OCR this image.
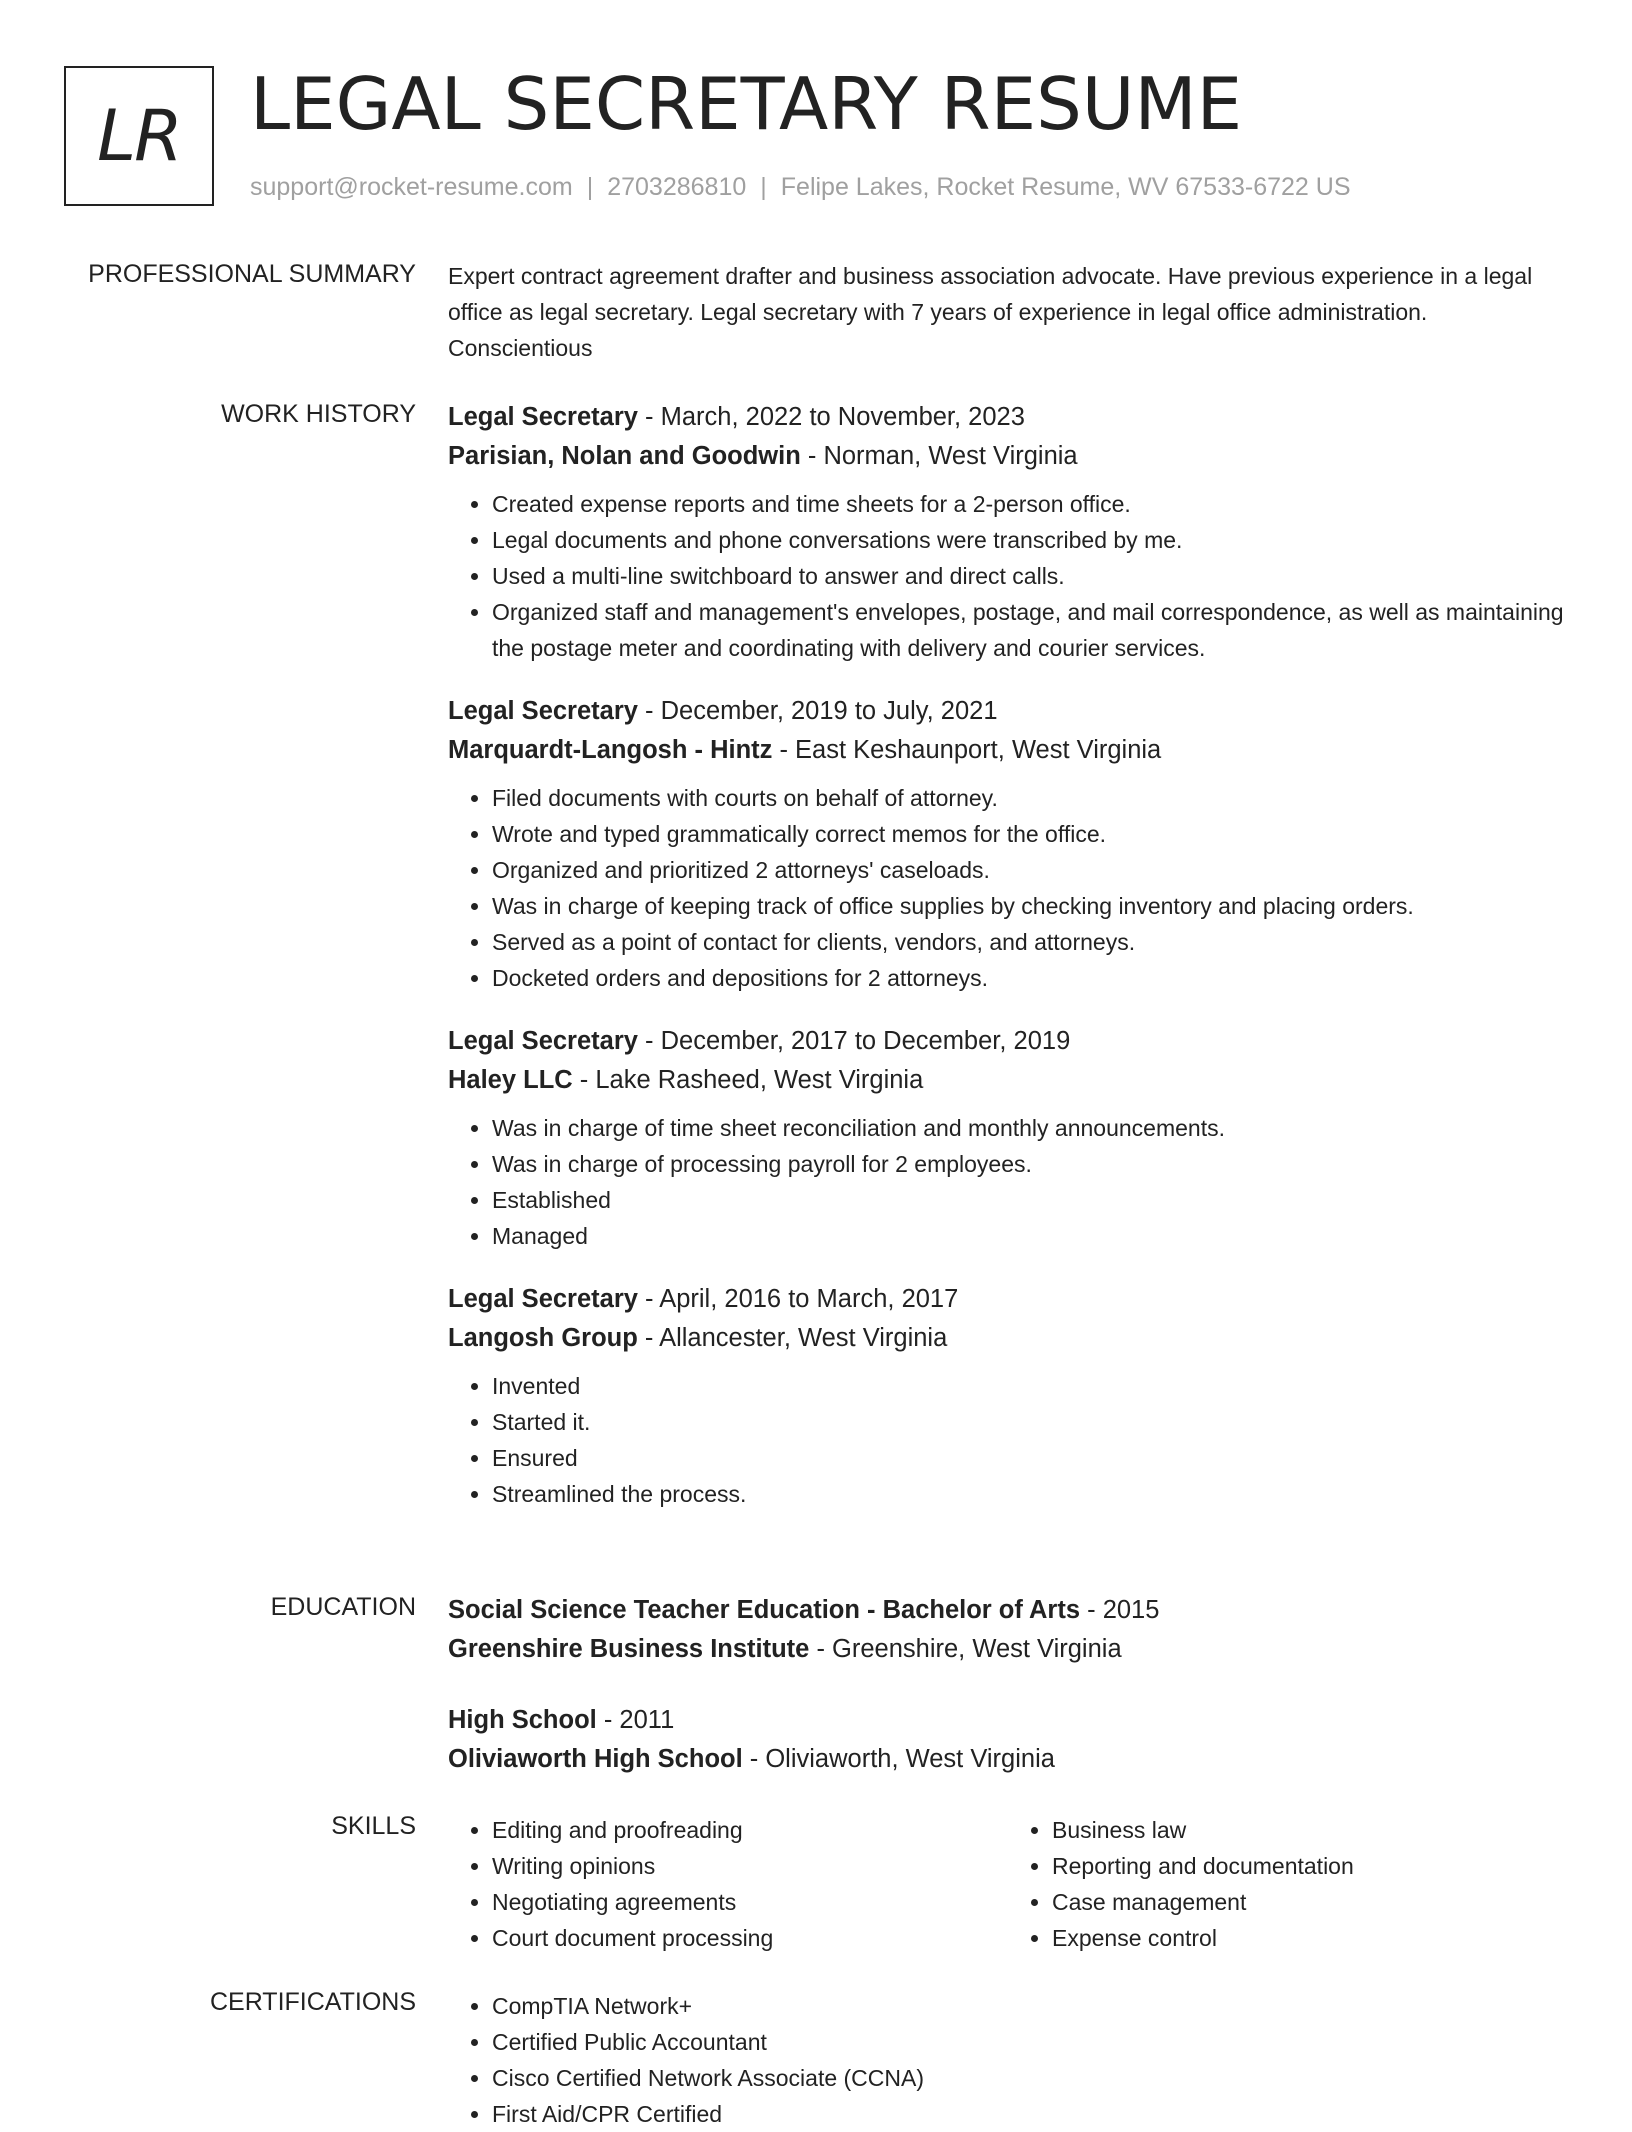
LR LEGAL SECRETARY RESUME
support@rocket-resume.com | 2703286810 | Felipe Lakes, Rocket Resume, WV 67533-6722 US
PROFESSIONAL SUMMARY Expert contract agreement drafter and business association advocate. Have previous experience in a legal office as legal secretary. Legal secretary with 7 years of experience in legal office administration. Conscientious

WORK HISTORY Legal Secretary - March, 2022 to November, 2023

Parisian, Nolan and Goodwin - Norman, West Virginia

• Created expense reports and time sheets for a 2-person office.
• Legal documents and phone conversations were transcribed by me.
• Used a multi-line switchboard to answer and direct calls.
• Organized staff and management's envelopes, postage, and mail correspondence, as well as maintaining the postage meter and coordinating with delivery and courier services.

Legal Secretary - December, 2019 to July, 2021

Marquardt-Langosh - Hintz - East Keshaunport, West Virginia

• Filed documents with courts on behalf of attorney.
• Wrote and typed grammatically correct memos for the office.
• Organized and prioritized 2 attorneys' caseloads.
• Was in charge of keeping track of office supplies by checking inventory and placing orders.
• Served as a point of contact for clients, vendors, and attorneys.
• Docketed orders and depositions for 2 attorneys.

Legal Secretary - December, 2017 to December, 2019

Haley LLC - Lake Rasheed, West Virginia

• Was in charge of time sheet reconciliation and monthly announcements.
• Was in charge of processing payroll for 2 employees.
• Established
• Managed

Legal Secretary - April, 2016 to March, 2017

Langosh Group - Allancester, West Virginia

• Invented
• Started it.
• Ensured
• Streamlined the process.
EDUCATION Social Science Teacher Education - Bachelor of Arts - 2015

Greenshire Business Institute - Greenshire, West Virginia

High School - 2011

Oliviaworth High School - Oliviaworth, West Virginia

SKILLS	• Editing and proofreading
• Writing opinions
• Negotiating agreements
• Court document processing
• Business law
• Reporting and documentation
• Case management
• Expense control
CERTIFICATIONS	• CompTIA Network+
• Certified Public Accountant
• Cisco Certified Network Associate (CCNA)
• First Aid/CPR Certified
